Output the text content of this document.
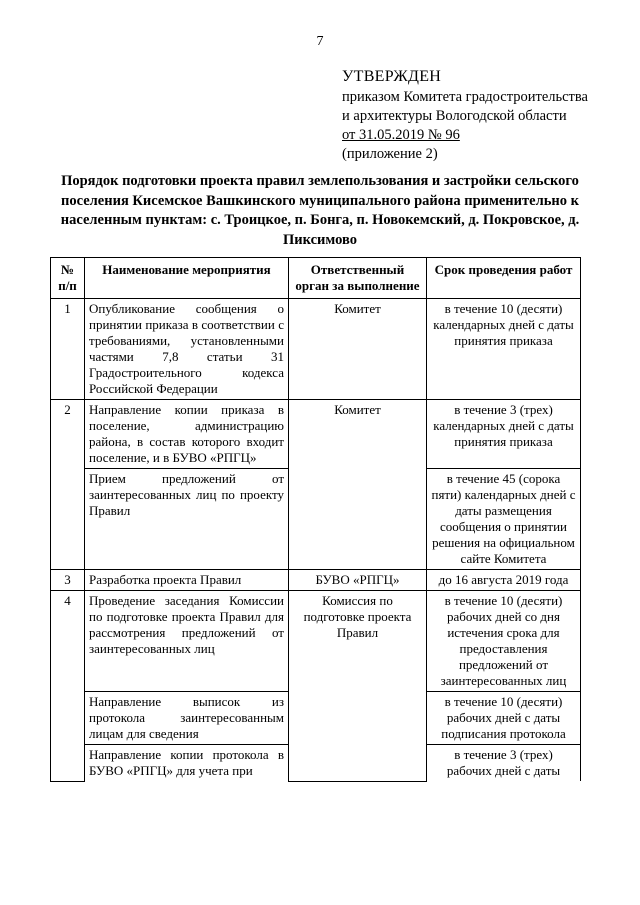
7
УТВЕРЖДЕН
приказом Комитета градостроительства
и архитектуры Вологодской области
от 31.05.2019 № 96
(приложение 2)
Порядок подготовки проекта правил землепользования и застройки сельского поселения Кисемское Вашкинского муниципального района применительно к населенным пунктам: с. Троицкое, п. Бонга, п. Новокемский, д. Покровское, д. Пиксимово
№ п/п	Наименование мероприятия	Ответственный орган за выполнение	Срок проведения работ
1	Опубликование сообщения о принятии приказа в соответствии с требованиями, установленными частями 7,8 статьи 31 Градостроительного кодекса Российской Федерации	Комитет	в течение 10 (десяти) календарных дней с даты принятия приказа
2	Направление копии приказа в поселение, администрацию района, в состав которого входит поселение, и в БУВО «РПГЦ»	Комитет	в течение 3 (трех) календарных дней с даты принятия приказа
	Прием предложений от заинтересованных лиц по проекту Правил		в течение 45 (сорока пяти) календарных дней с даты размещения сообщения о принятии решения на официальном сайте Комитета
3	Разработка проекта Правил	БУВО «РПГЦ»	до 16 августа 2019 года
4	Проведение заседания Комиссии по подготовке проекта Правил для рассмотрения предложений от заинтересованных лиц	Комиссия по подготовке проекта Правил	в течение 10 (десяти) рабочих дней со дня истечения срока для предоставления предложений от заинтересованных лиц
	Направление выписок из протокола заинтересованным лицам для сведения		в течение 10 (десяти) рабочих дней с даты подписания протокола
	Направление копии протокола в БУВО «РПГЦ» для учета при		в течение 3 (трех) рабочих дней с даты
